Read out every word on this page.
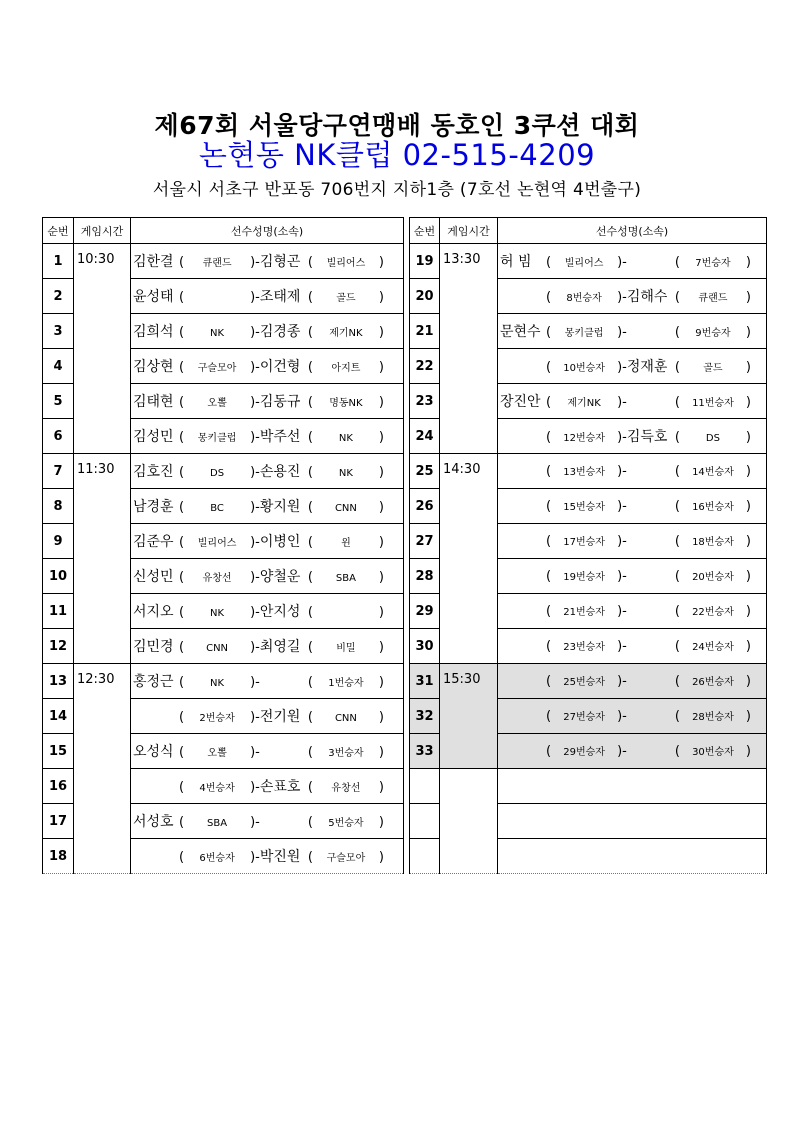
제67회 서울당구연맹배 동호인 3쿠션 대회
논현동 NK클럽 02-515-4209
서울시 서초구 반포동 706번지 지하1층 (7호선 논현역 4번출구)
순번	게임시간	선수성명(소속)
1	10:30	김한결 ( 큐랜드 )-김형곤 ( 빌리어스 )
2		윤성태 ( )-조태제 ( 골드 )
3		김희석 ( NK )-김경종 ( 제기NK )
4		김상현 ( 구슬모아 )-이건형 ( 아지트 )
5		김태현 ( 오뽈 )-김동규 ( 명동NK )
6		김성민 ( 몽키클럽 )-박주선 ( NK )
7	11:30	김호진 ( DS )-손용진 ( NK )
8		남경훈 ( BC )-황지원 ( CNN )
9		김준우 ( 빌리어스 )-이병인 ( 윈 )
10		신성민 ( 유창선 )-양철운 ( SBA )
11		서지오 ( NK )-안지성 ( )
12		김민경 ( CNN )-최영길 ( 비밀 )
13	12:30	홍정근 ( NK )- ( 1번승자 )
14		( 2번승자 )-전기원 ( CNN )
15		오성식 ( 오뽈 )- ( 3번승자 )
16		( 4번승자 )-손표호 ( 유창선 )
17		서성호 ( SBA )- ( 5번승자 )
18		( 6번승자 )-박진원 ( 구슬모아 )
순번	게임시간	선수성명(소속)
19	13:30	허 빔 ( 빌리어스 )- ( 7번승자 )
20		( 8번승자 )-김해수 ( 큐랜드 )
21		문현수 ( 몽키클럽 )- ( 9번승자 )
22		( 10번승자 )-정재훈 ( 골드 )
23		장진안 ( 제기NK )- ( 11번승자 )
24		( 12번승자 )-김득호 ( DS )
25	14:30	( 13번승자 )- ( 14번승자 )
26		( 15번승자 )- ( 16번승자 )
27		( 17번승자 )- ( 18번승자 )
28		( 19번승자 )- ( 20번승자 )
29		( 21번승자 )- ( 22번승자 )
30		( 23번승자 )- ( 24번승자 )
31	15:30	( 25번승자 )- ( 26번승자 )
32		( 27번승자 )- ( 28번승자 )
33		( 29번승자 )- ( 30번승자 )
